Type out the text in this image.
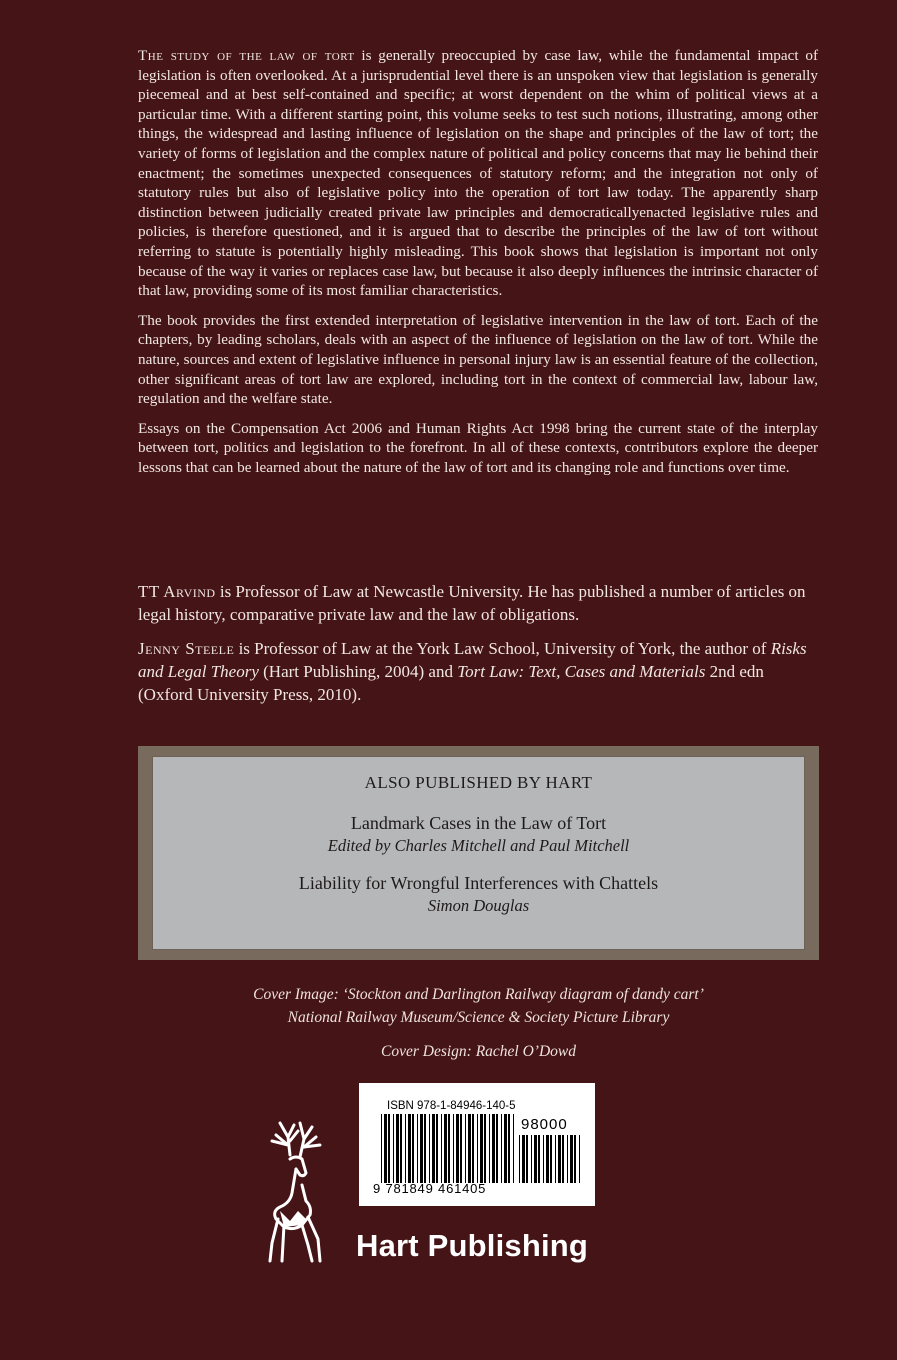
The study of the law of tort is generally preoccupied by case law, while the fundamental impact of legislation is often overlooked. At a jurisprudential level there is an unspoken view that legislation is generally piecemeal and at best self-contained and specific; at worst dependent on the whim of political views at a particular time. With a different starting point, this volume seeks to test such notions, illustrating, among other things, the widespread and lasting influence of legislation on the shape and principles of the law of tort; the variety of forms of legislation and the complex nature of political and policy concerns that may lie behind their enactment; the sometimes unexpected consequences of statutory reform; and the integration not only of statutory rules but also of legislative policy into the operation of tort law today. The apparently sharp distinction between judicially created private law principles and democraticallyenacted legislative rules and policies, is therefore questioned, and it is argued that to describe the principles of the law of tort without referring to statute is potentially highly misleading. This book shows that legislation is important not only because of the way it varies or replaces case law, but because it also deeply influences the intrinsic character of that law, providing some of its most familiar characteristics.

The book provides the first extended interpretation of legislative intervention in the law of tort. Each of the chapters, by leading scholars, deals with an aspect of the influence of legislation on the law of tort. While the nature, sources and extent of legislative influence in personal injury law is an essential feature of the collection, other significant areas of tort law are explored, including tort in the context of commercial law, labour law, regulation and the welfare state.

Essays on the Compensation Act 2006 and Human Rights Act 1998 bring the current state of the interplay between tort, politics and legislation to the forefront. In all of these contexts, contributors explore the deeper lessons that can be learned about the nature of the law of tort and its changing role and functions over time.

TT Arvind is Professor of Law at Newcastle University. He has published a number of articles on legal history, comparative private law and the law of obligations.

Jenny Steele is Professor of Law at the York Law School, University of York, the author of Risks and Legal Theory (Hart Publishing, 2004) and Tort Law: Text, Cases and Materials 2nd edn (Oxford University Press, 2010).

ALSO PUBLISHED BY HART
Landmark Cases in the Law of Tort
Edited by Charles Mitchell and Paul Mitchell
Liability for Wrongful Interferences with Chattels
Simon Douglas

Cover Image: ‘Stockton and Darlington Railway diagram of dandy cart’
National Railway Museum/Science & Society Picture Library

Cover Design: Rachel O’Dowd

ISBN 978-1-84946-140-5
98000
9 781849 461405
Hart Publishing
